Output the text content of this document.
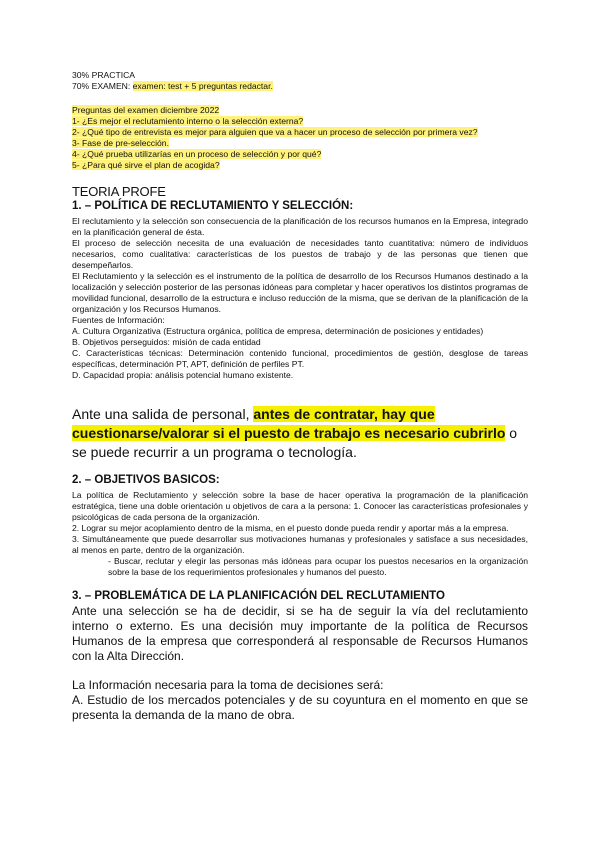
30% PRACTICA

70% EXAMEN: examen: test + 5 preguntas redactar.

Preguntas del examen diciembre 2022

1- ¿Es mejor el reclutamiento interno o la selección externa?

2- ¿Qué tipo de entrevista es mejor para alguien que va a hacer un proceso de selección por primera vez?

3- Fase de pre-selección.

4- ¿Qué prueba utilizarías en un proceso de selección y por qué?

5- ¿Para qué sirve el plan de acogida?

TEORIA PROFE

1. – POLÍTICA DE RECLUTAMIENTO Y SELECCIÓN:

El reclutamiento y la selección son consecuencia de la planificación de los recursos humanos en la Empresa, integrado en la planificación general de ésta.

El proceso de selección necesita de una evaluación de necesidades tanto cuantitativa: número de individuos necesarios, como cualitativa: características de los puestos de trabajo y de las personas que tienen que desempeñarlos.

El Reclutamiento y la selección es el instrumento de la política de desarrollo de los Recursos Humanos destinado a la localización y selección posterior de las personas idóneas para completar y hacer operativos los distintos programas de movilidad funcional, desarrollo de la estructura e incluso reducción de la misma, que se derivan de la planificación de la organización y los Recursos Humanos.

Fuentes de Información:

A. Cultura Organizativa (Estructura orgánica, política de empresa, determinación de posiciones y entidades)

B. Objetivos perseguidos: misión de cada entidad

C. Características técnicas: Determinación contenido funcional, procedimientos de gestión, desglose de tareas específicas, determinación PT, APT, definición de perfiles PT.

D. Capacidad propia: análisis potencial humano existente.

Ante una salida de personal, antes de contratar, hay que cuestionarse/valorar si el puesto de trabajo es necesario cubrirlo o se puede recurrir a un programa o tecnología.

2. – OBJETIVOS BASICOS:

La política de Reclutamiento y selección sobre la base de hacer operativa la programación de la planificación estratégica, tiene una doble orientación u objetivos de cara a la persona: 1. Conocer las características profesionales y psicológicas de cada persona de la organización.

2. Lograr su mejor acoplamiento dentro de la misma, en el puesto donde pueda rendir y aportar más a la empresa.

3. Simultáneamente que puede desarrollar sus motivaciones humanas y profesionales y satisface a sus necesidades, al menos en parte, dentro de la organización.

- Buscar, reclutar y elegir las personas más idóneas para ocupar los puestos necesarios en la organización sobre la base de los requerimientos profesionales y humanos del puesto.

3. – PROBLEMÁTICA DE LA PLANIFICACIÓN DEL RECLUTAMIENTO

Ante una selección se ha de decidir, si se ha de seguir la vía del reclutamiento interno o externo. Es una decisión muy importante de la política de Recursos Humanos de la empresa que corresponderá al responsable de Recursos Humanos con la Alta Dirección.

La Información necesaria para la toma de decisiones será:

A. Estudio de los mercados potenciales y de su coyuntura en el momento en que se presenta la demanda de la mano de obra.
